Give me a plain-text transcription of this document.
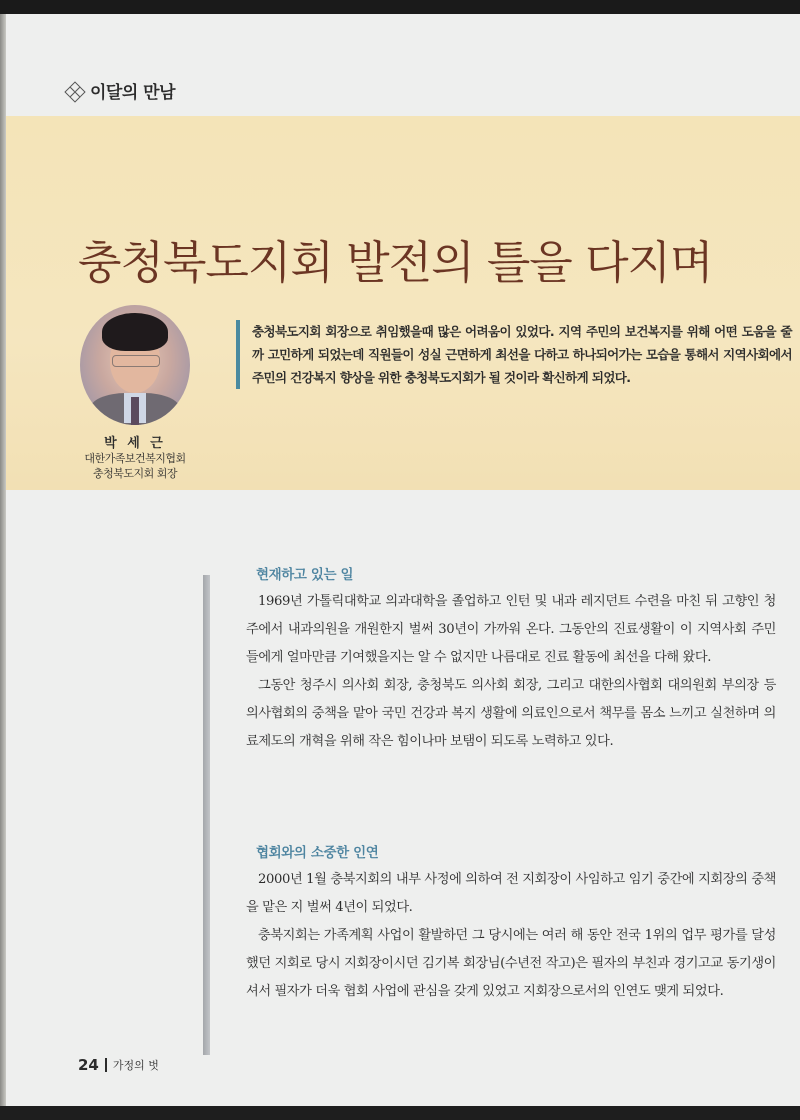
이달의 만남
충청북도지회 발전의 틀을 다지며
박 세 근
대한가족보건복지협회
충청북도지회 회장
충청북도지회 회장으로 취임했을때 많은 어려움이 있었다. 지역 주민의 보건복지를 위해 어떤 도움을 줄까 고민하게 되었는데 직원들이 성실 근면하게 최선을 다하고 하나되어가는 모습을 통해서 지역사회에서 주민의 건강복지 향상을 위한 충청북도지회가 될 것이라 확신하게 되었다.
현재하고 있는 일

1969년 가톨릭대학교 의과대학을 졸업하고 인턴 및 내과 레지던트 수련을 마친 뒤 고향인 청주에서 내과의원을 개원한지 벌써 30년이 가까워 온다. 그동안의 진료생활이 이 지역사회 주민들에게 얼마만큼 기여했을지는 알 수 없지만 나름대로 진료 활동에 최선을 다해 왔다.

그동안 청주시 의사회 회장, 충청북도 의사회 회장, 그리고 대한의사협회 대의원회 부의장 등 의사협회의 중책을 맡아 국민 건강과 복지 생활에 의료인으로서 책무를 몸소 느끼고 실천하며 의료제도의 개혁을 위해 작은 힘이나마 보탬이 되도록 노력하고 있다.

협회와의 소중한 인연

2000년 1월 충북지회의 내부 사정에 의하여 전 지회장이 사임하고 임기 중간에 지회장의 중책을 맡은 지 벌써 4년이 되었다.

충북지회는 가족계획 사업이 활발하던 그 당시에는 여러 해 동안 전국 1위의 업무 평가를 달성했던 지회로 당시 지회장이시던 김기복 회장님(수년전 작고)은 필자의 부친과 경기고교 동기생이셔서 필자가 더욱 협회 사업에 관심을 갖게 있었고 지회장으로서의 인연도 맺게 되었다.

24 가정의 벗
